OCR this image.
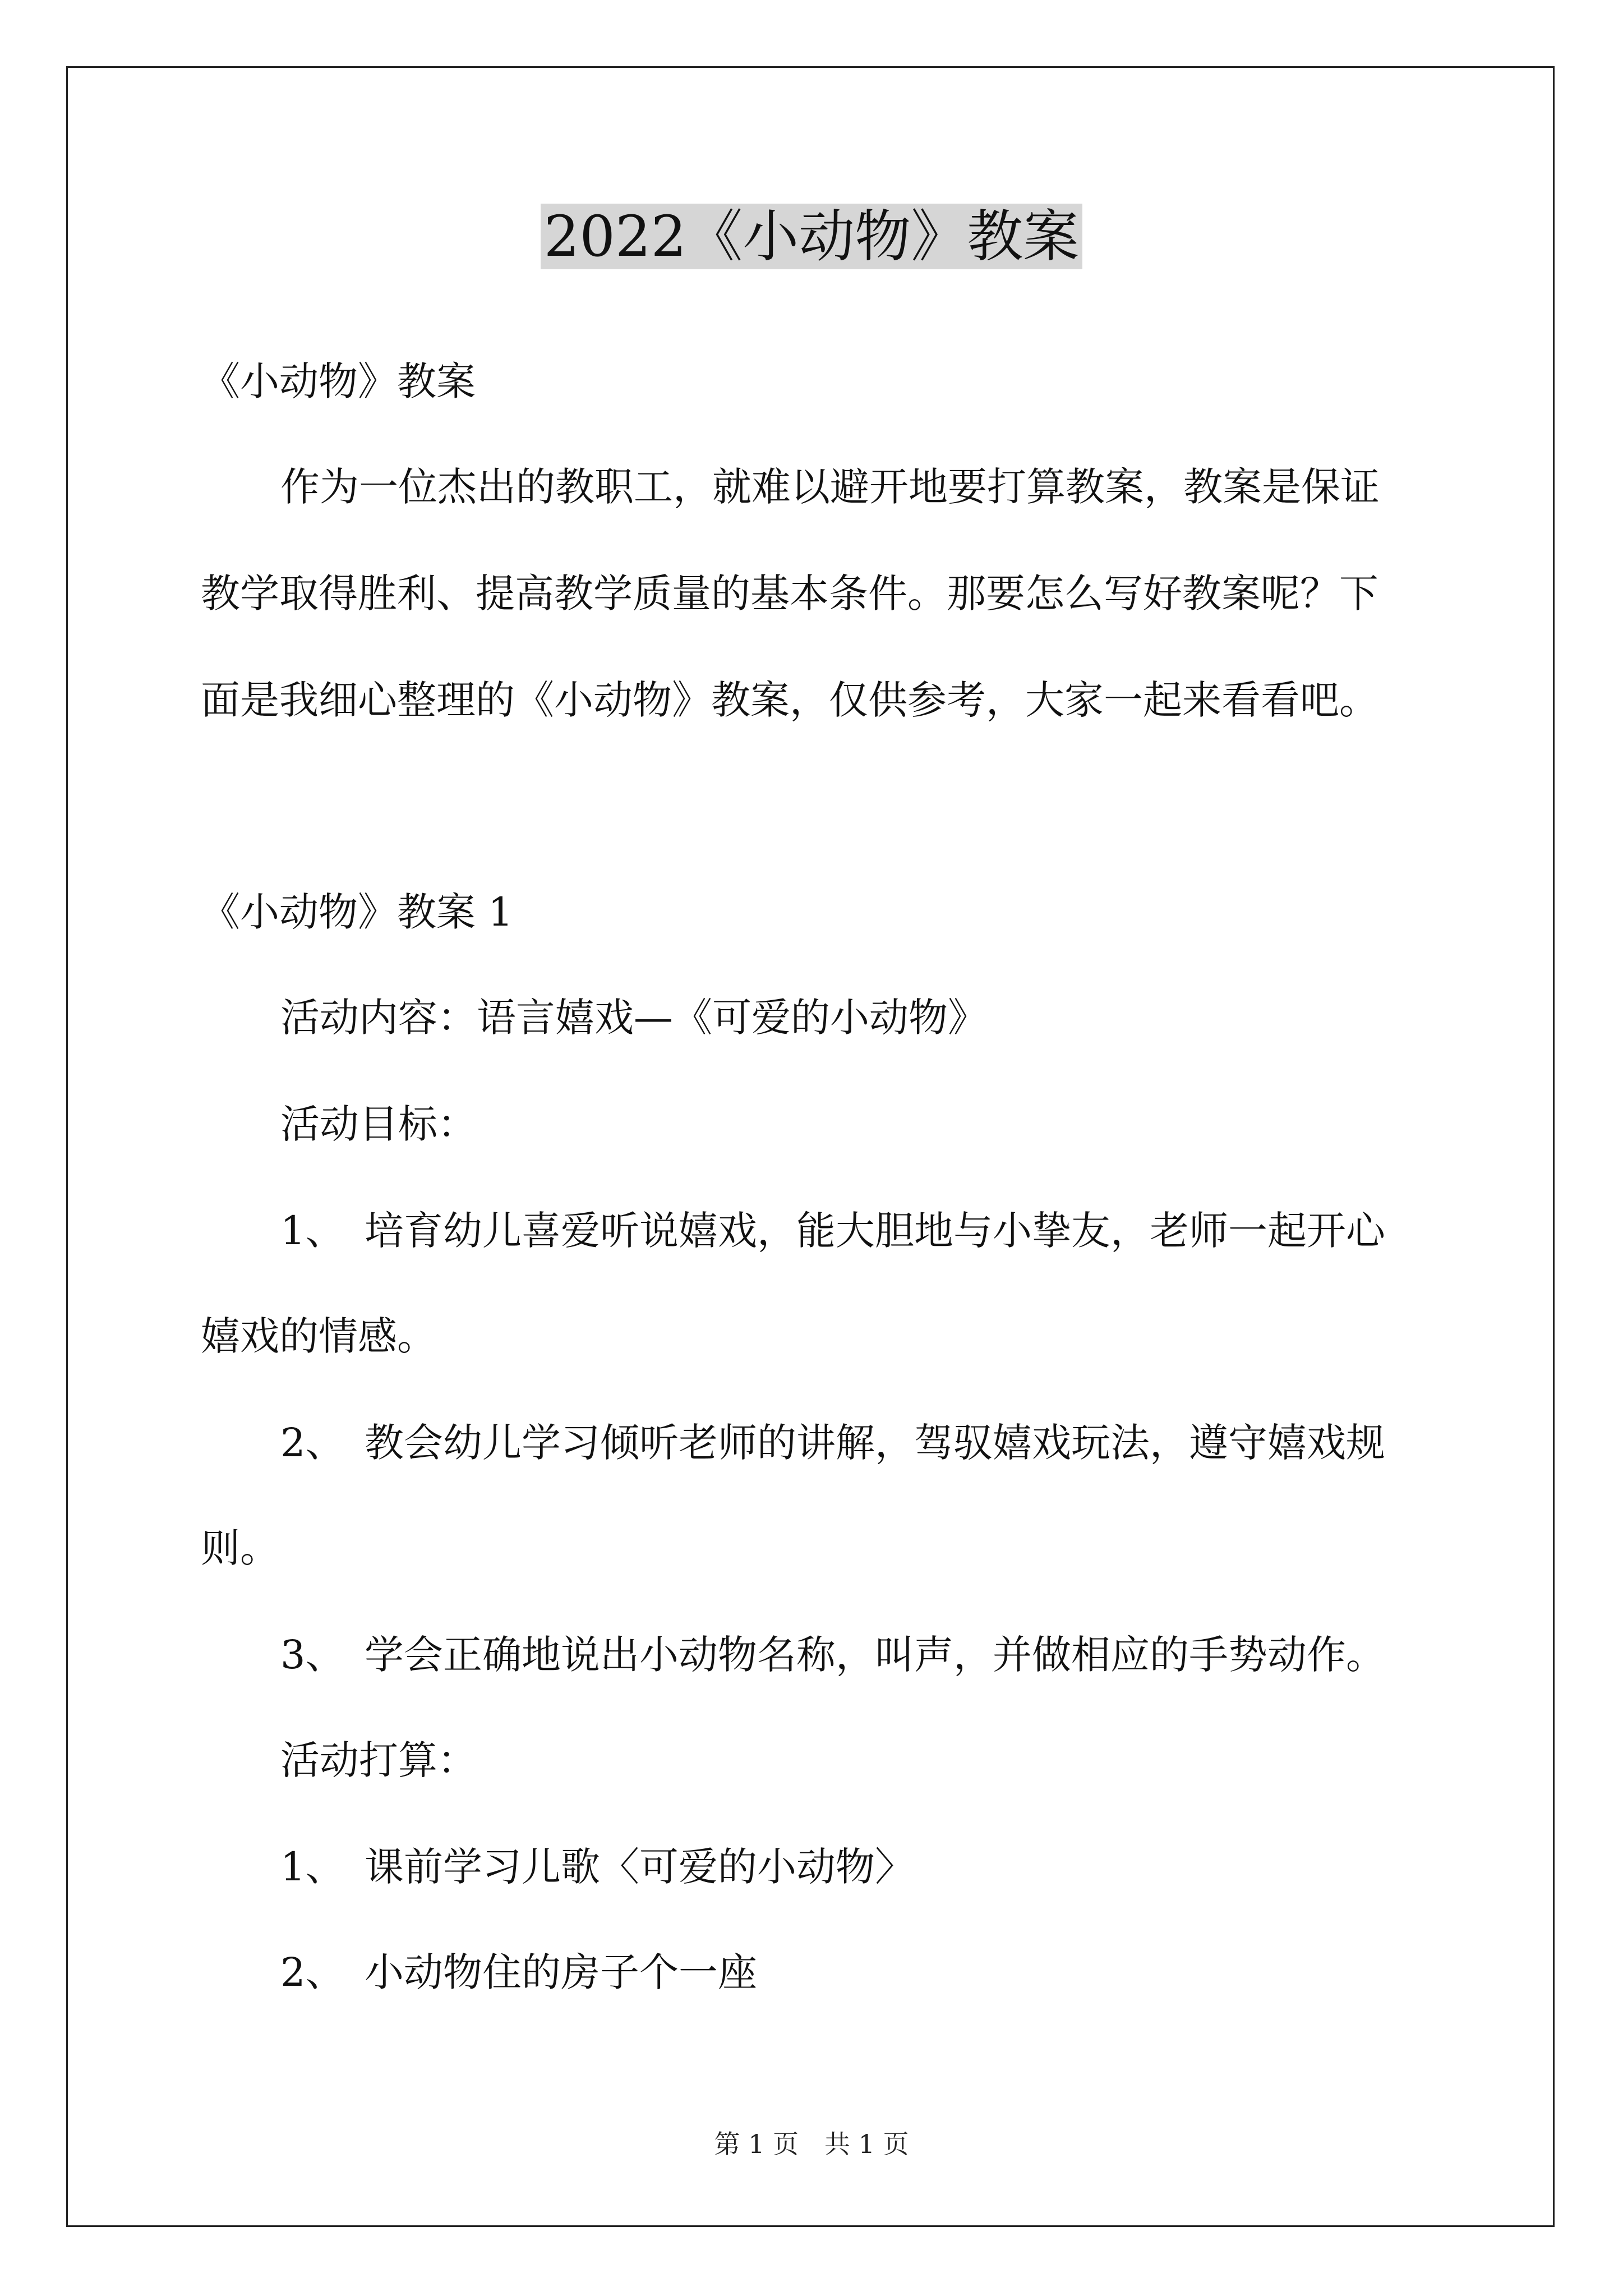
2022《小动物》教案
《小动物》教案
作为一位杰出的教职工，就难以避开地要打算教案，教案是保证
教学取得胜利、提高教学质量的基本条件。那要怎么写好教案呢？下
面是我细心整理的《小动物》教案，仅供参考，大家一起来看看吧。
《小动物》教案 1
活动内容：语言嬉戏—《可爱的小动物》
活动目标：
1、 培育幼儿喜爱听说嬉戏，能大胆地与小挚友，老师一起开心
嬉戏的情感。
2、 教会幼儿学习倾听老师的讲解，驾驭嬉戏玩法，遵守嬉戏规
则。
3、 学会正确地说出小动物名称，叫声，并做相应的手势动作。
活动打算：
1、 课前学习儿歌〈可爱的小动物〉
2、 小动物住的房子个一座
第 1 页　共 1 页
